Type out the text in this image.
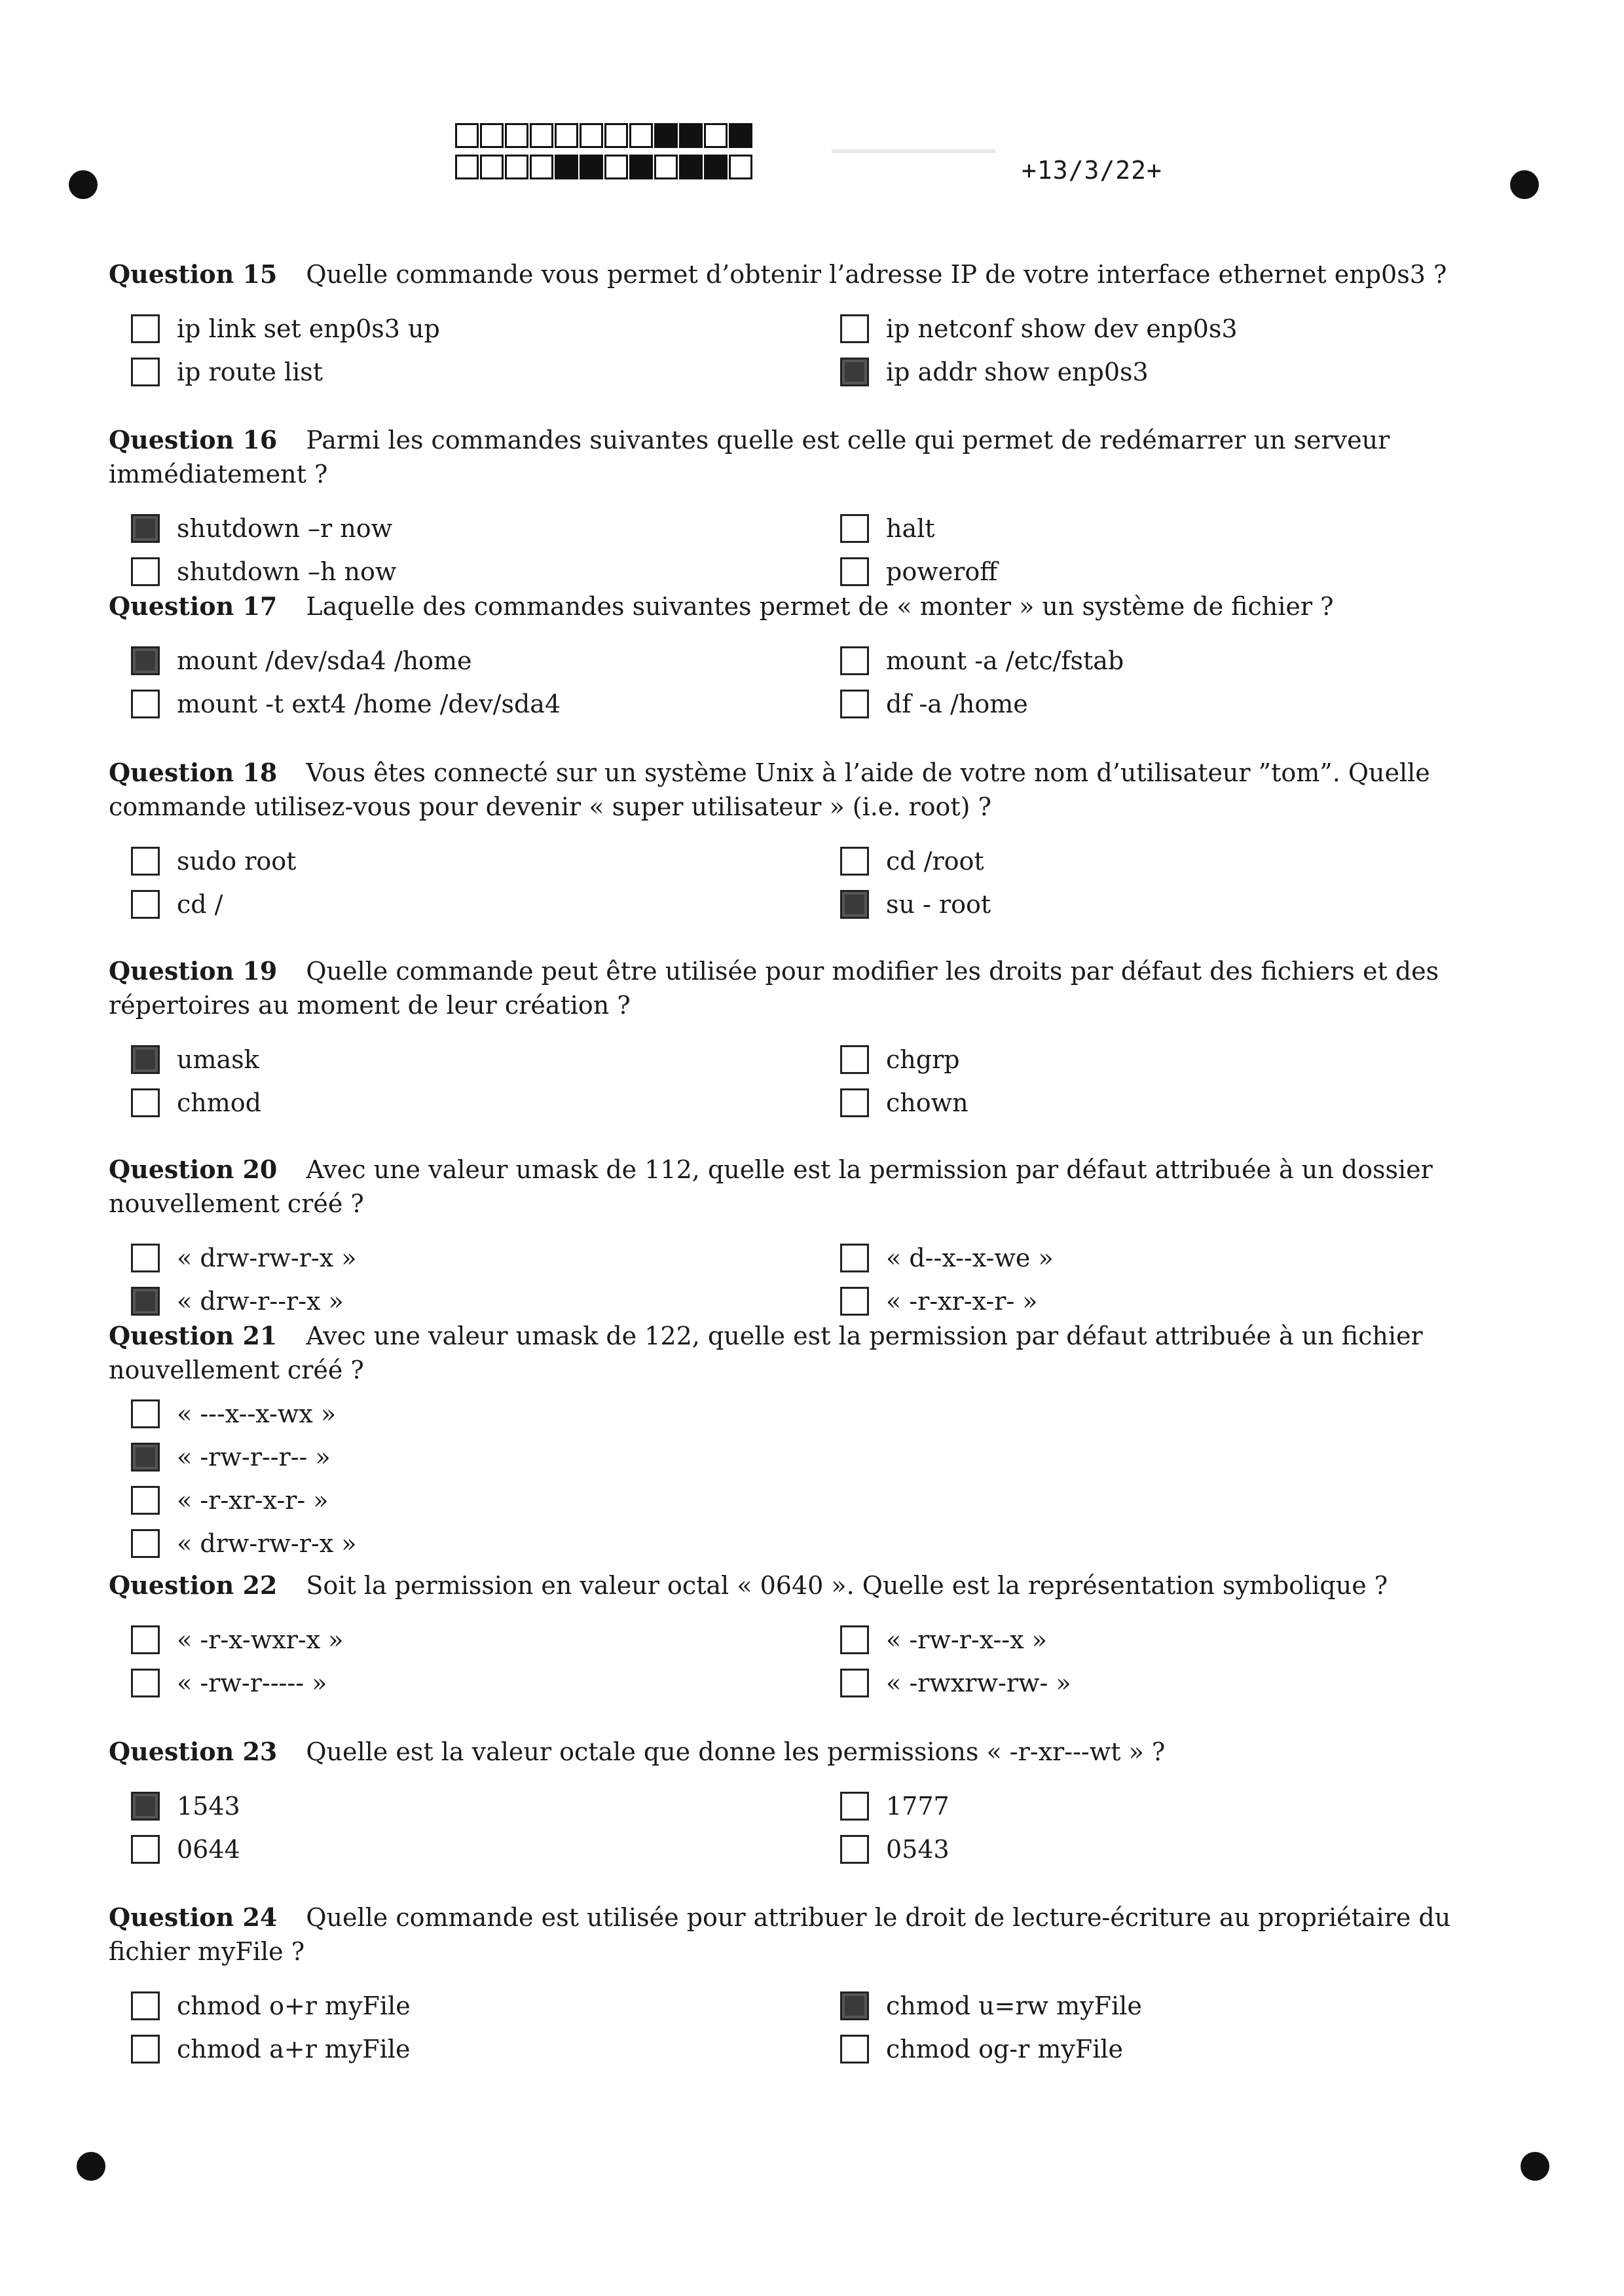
+13/3/22+
Question 15 Quelle commande vous permet d’obtenir l’adresse IP de votre interface ethernet enp0s3 ?
ip link set enp0s3 up
ip route list
ip netconf show dev enp0s3
ip addr show enp0s3
Question 16 Parmi les commandes suivantes quelle est celle qui permet de redémarrer un serveur immédiatement ?
shutdown –r now
shutdown –h now
halt
poweroff
Question 17 Laquelle des commandes suivantes permet de « monter » un système de fichier ?
mount /dev/sda4 /home
mount -t ext4 /home /dev/sda4
mount -a /etc/fstab
df -a /home
Question 18 Vous êtes connecté sur un système Unix à l’aide de votre nom d’utilisateur ”tom”. Quelle commande utilisez-vous pour devenir « super utilisateur » (i.e. root) ?
sudo root
cd /
cd /root
su - root
Question 19 Quelle commande peut être utilisée pour modifier les droits par défaut des fichiers et des répertoires au moment de leur création ?
umask
chmod
chgrp
chown
Question 20 Avec une valeur umask de 112, quelle est la permission par défaut attribuée à un dossier nouvellement créé ?
« drw-rw-r-x »
« drw-r--r-x »
« d--x--x-we »
« -r-xr-x-r- »
Question 21 Avec une valeur umask de 122, quelle est la permission par défaut attribuée à un fichier nouvellement créé ?
« ---x--x-wx »
« -rw-r--r-- »
« -r-xr-x-r- »
« drw-rw-r-x »
Question 22 Soit la permission en valeur octal « 0640 ». Quelle est la représentation symbolique ?
« -r-x-wxr-x »
« -rw-r----- »
« -rw-r-x--x »
« -rwxrw-rw- »
Question 23 Quelle est la valeur octale que donne les permissions « -r-xr---wt » ?
1543
0644
1777
0543
Question 24 Quelle commande est utilisée pour attribuer le droit de lecture-écriture au propriétaire du fichier myFile ?
chmod o+r myFile
chmod a+r myFile
chmod u=rw myFile
chmod og-r myFile
